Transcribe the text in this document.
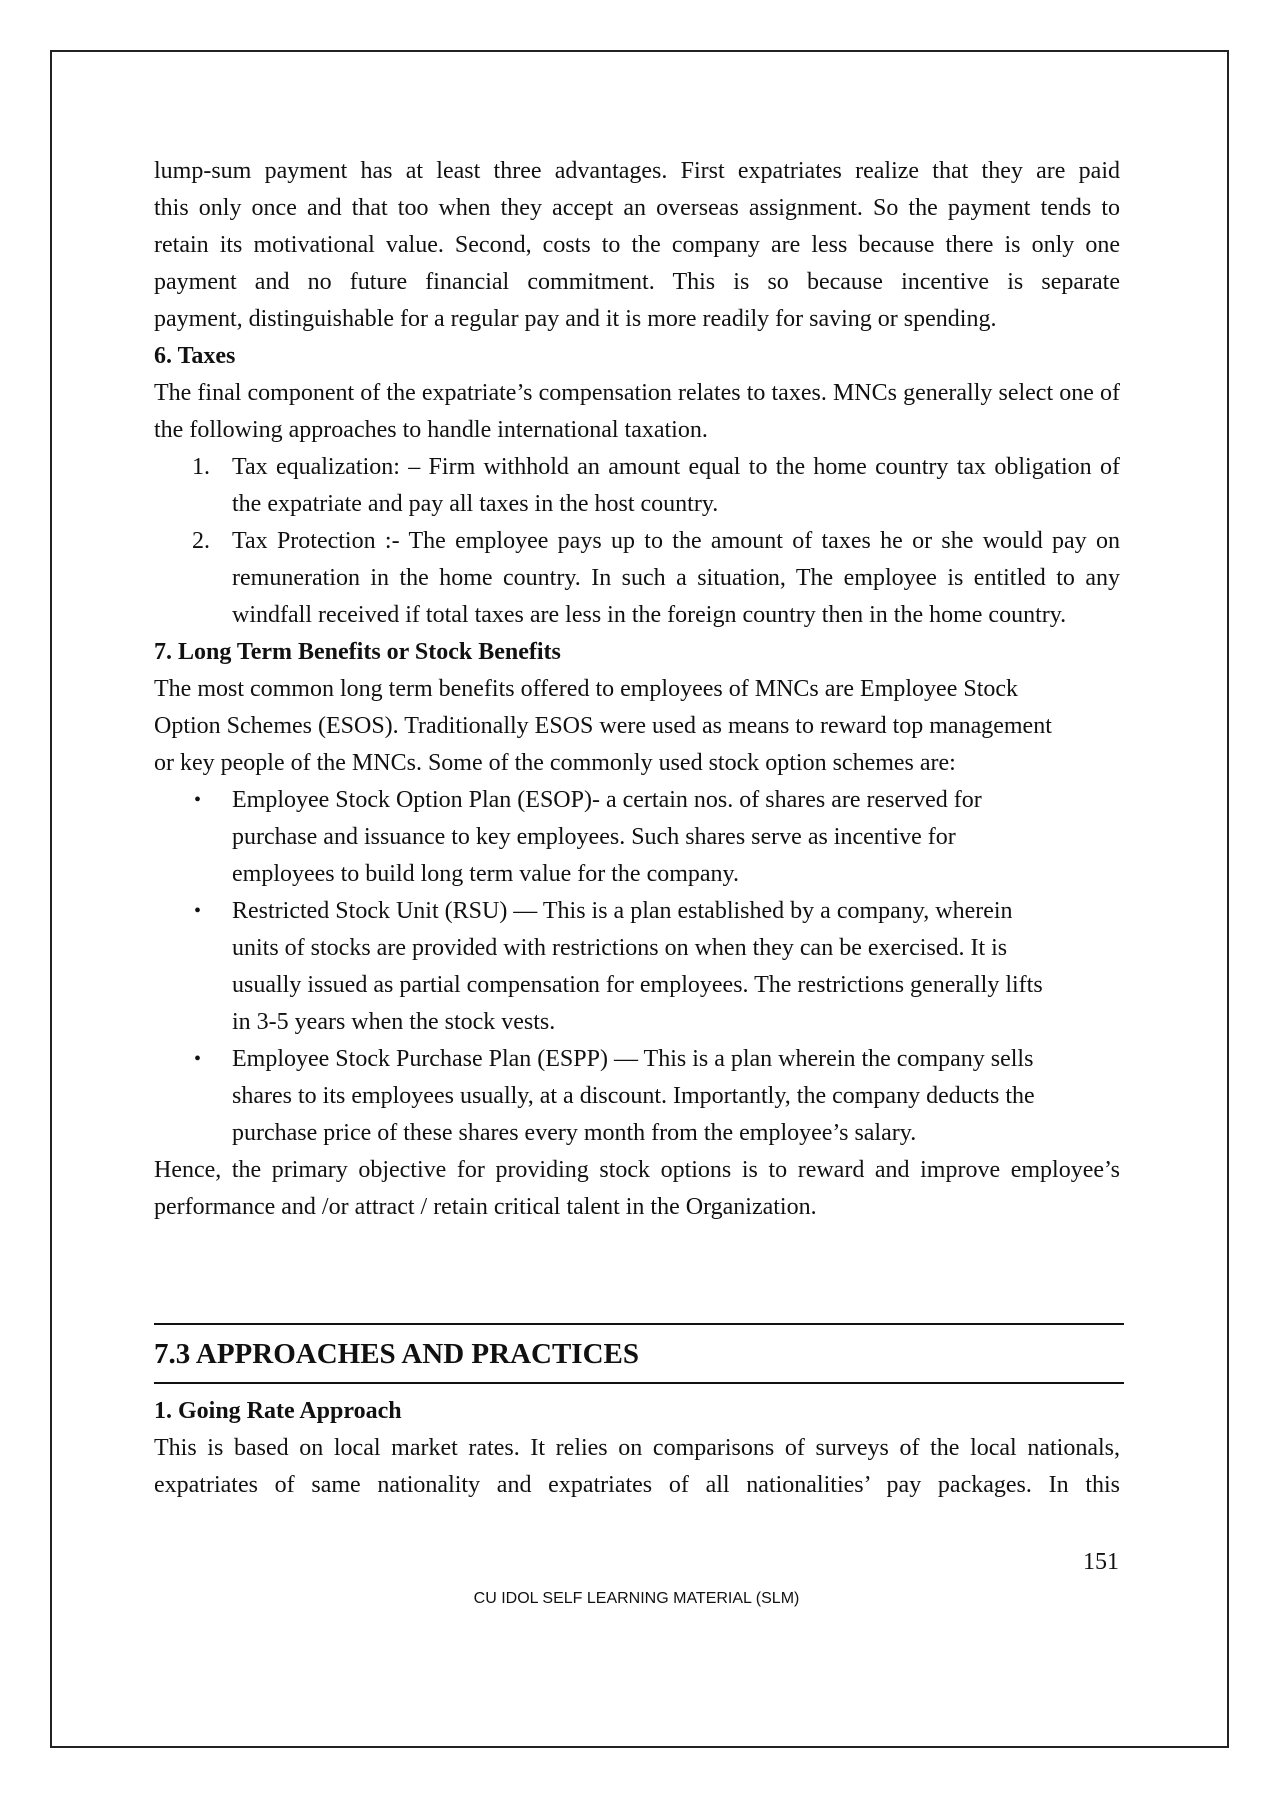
lump-sum payment has at least three advantages. First expatriates realize that they are paid

this only once and that too when they accept an overseas assignment. So the payment tends to

retain its motivational value. Second, costs to the company are less because there is only one

payment and no future financial commitment. This is so because incentive is separate

payment, distinguishable for a regular pay and it is more readily for saving or spending.

6. Taxes

The final component of the expatriate’s compensation relates to taxes. MNCs generally select one of the following approaches to handle international taxation.

1. Tax equalization: – Firm withhold an amount equal to the home country tax obligation of the expatriate and pay all taxes in the host country.

2. Tax Protection :- The employee pays up to the amount of taxes he or she would pay on remuneration in the home country. In such a situation, The employee is entitled to any windfall received if total taxes are less in the foreign country then in the home country.

7. Long Term Benefits or Stock Benefits

The most common long term benefits offered to employees of MNCs are Employee Stock

Option Schemes (ESOS). Traditionally ESOS were used as means to reward top management

or key people of the MNCs. Some of the commonly used stock option schemes are:

• Employee Stock Option Plan (ESOP)- a certain nos. of shares are reserved for

purchase and issuance to key employees. Such shares serve as incentive for

employees to build long term value for the company.

• Restricted Stock Unit (RSU) — This is a plan established by a company, wherein

units of stocks are provided with restrictions on when they can be exercised. It is

usually issued as partial compensation for employees. The restrictions generally lifts

in 3-5 years when the stock vests.

• Employee Stock Purchase Plan (ESPP) — This is a plan wherein the company sells

shares to its employees usually, at a discount. Importantly, the company deducts the

purchase price of these shares every month from the employee’s salary.

Hence, the primary objective for providing stock options is to reward and improve employee’s performance and /or attract / retain critical talent in the Organization.

7.3 APPROACHES AND PRACTICES

1. Going Rate Approach

This is based on local market rates. It relies on comparisons of surveys of the local nationals,

expatriates of same nationality and expatriates of all nationalities’ pay packages. In this

151
CU IDOL SELF LEARNING MATERIAL (SLM)
